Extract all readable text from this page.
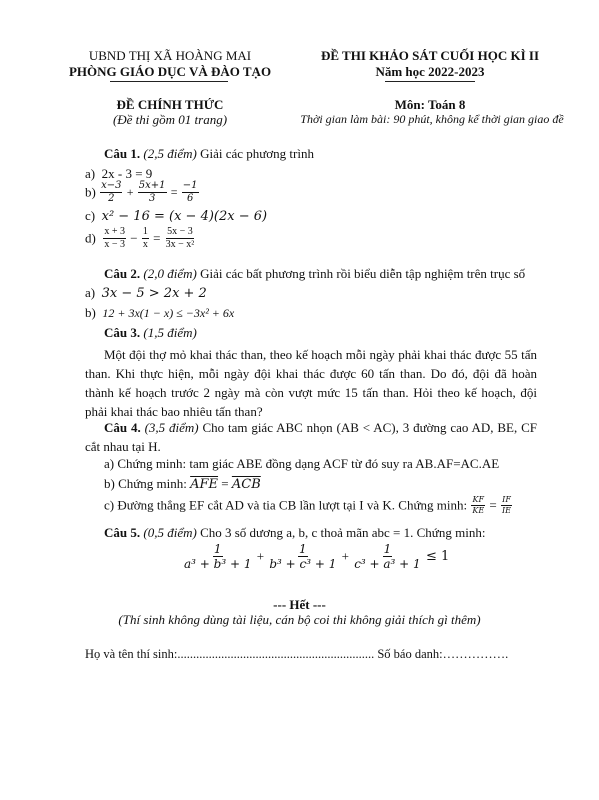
UBND THỊ XÃ HOÀNG MAI
PHÒNG GIÁO DỤC VÀ ĐÀO TẠO
ĐỀ THI KHẢO SÁT CUỐI HỌC KÌ II
Năm học 2022-2023
ĐỀ CHÍNH THỨC
(Đề thi gồm 01 trang)
Môn: Toán 8
Thời gian làm bài: 90 phút, không kể thời gian giao đề
Câu 1. (2,5 điểm) Giải các phương trình
a) 2x - 3 = 9
$b) \frac{x-3}{2} + \frac{5x+1}{3} = \frac{-1}{6}$
c) x² − 16 = (x − 4)(2x − 6)
$d) \frac{x + 3}{x - 3} - \frac{1}{x} = \frac{5x - 3}{\text{3x − x²}}$
Câu 2. (2,0 điểm) Giải các bất phương trình rồi biểu diễn tập nghiệm trên trục số
a) 3x − 5 > 2x + 2
b) 12 + 3x(1 − x) ≤ −3x² + 6x
Câu 3. (1,5 điểm)
Một đội thợ mỏ khai thác than, theo kế hoạch mỗi ngày phải khai thác được 55 tấn than. Khi thực hiện, mỗi ngày đội khai thác được 60 tấn than. Do đó, đội đã hoàn thành kế hoạch trước 2 ngày mà còn vượt mức 15 tấn than. Hỏi theo kế hoạch, đội phải khai thác bao nhiêu tấn than?
Câu 4. (3,5 điểm) Cho tam giác ABC nhọn (AB < AC), 3 đường cao AD, BE, CF cắt nhau tại H.
a) Chứng minh: tam giác ABE đồng dạng ACF từ đó suy ra AB.AF=AC.AE
b) Chứng minh: $\overline{AFE} = \overline{ACB}$
c) Đường thẳng EF cắt AD và tia CB lần lượt tại I và K. Chứng minh: $\frac{KF}{KE} = \frac{IF}{IE}$
Câu 5. (0,5 điểm) Cho 3 số dương a, b, c thoả mãn abc = 1. Chứng minh:
$\frac{1}{\text{a³ + b³ + 1}} + \frac{1}{\text{b³ + c³ + 1}} + \frac{1}{\text{c³ + a³ + 1}} \le 1$
--- Hết ---
(Thí sinh không dùng tài liệu, cán bộ coi thi không giải thích gì thêm)
Họ và tên thí sinh:............................................................... Số báo danh:…………….
